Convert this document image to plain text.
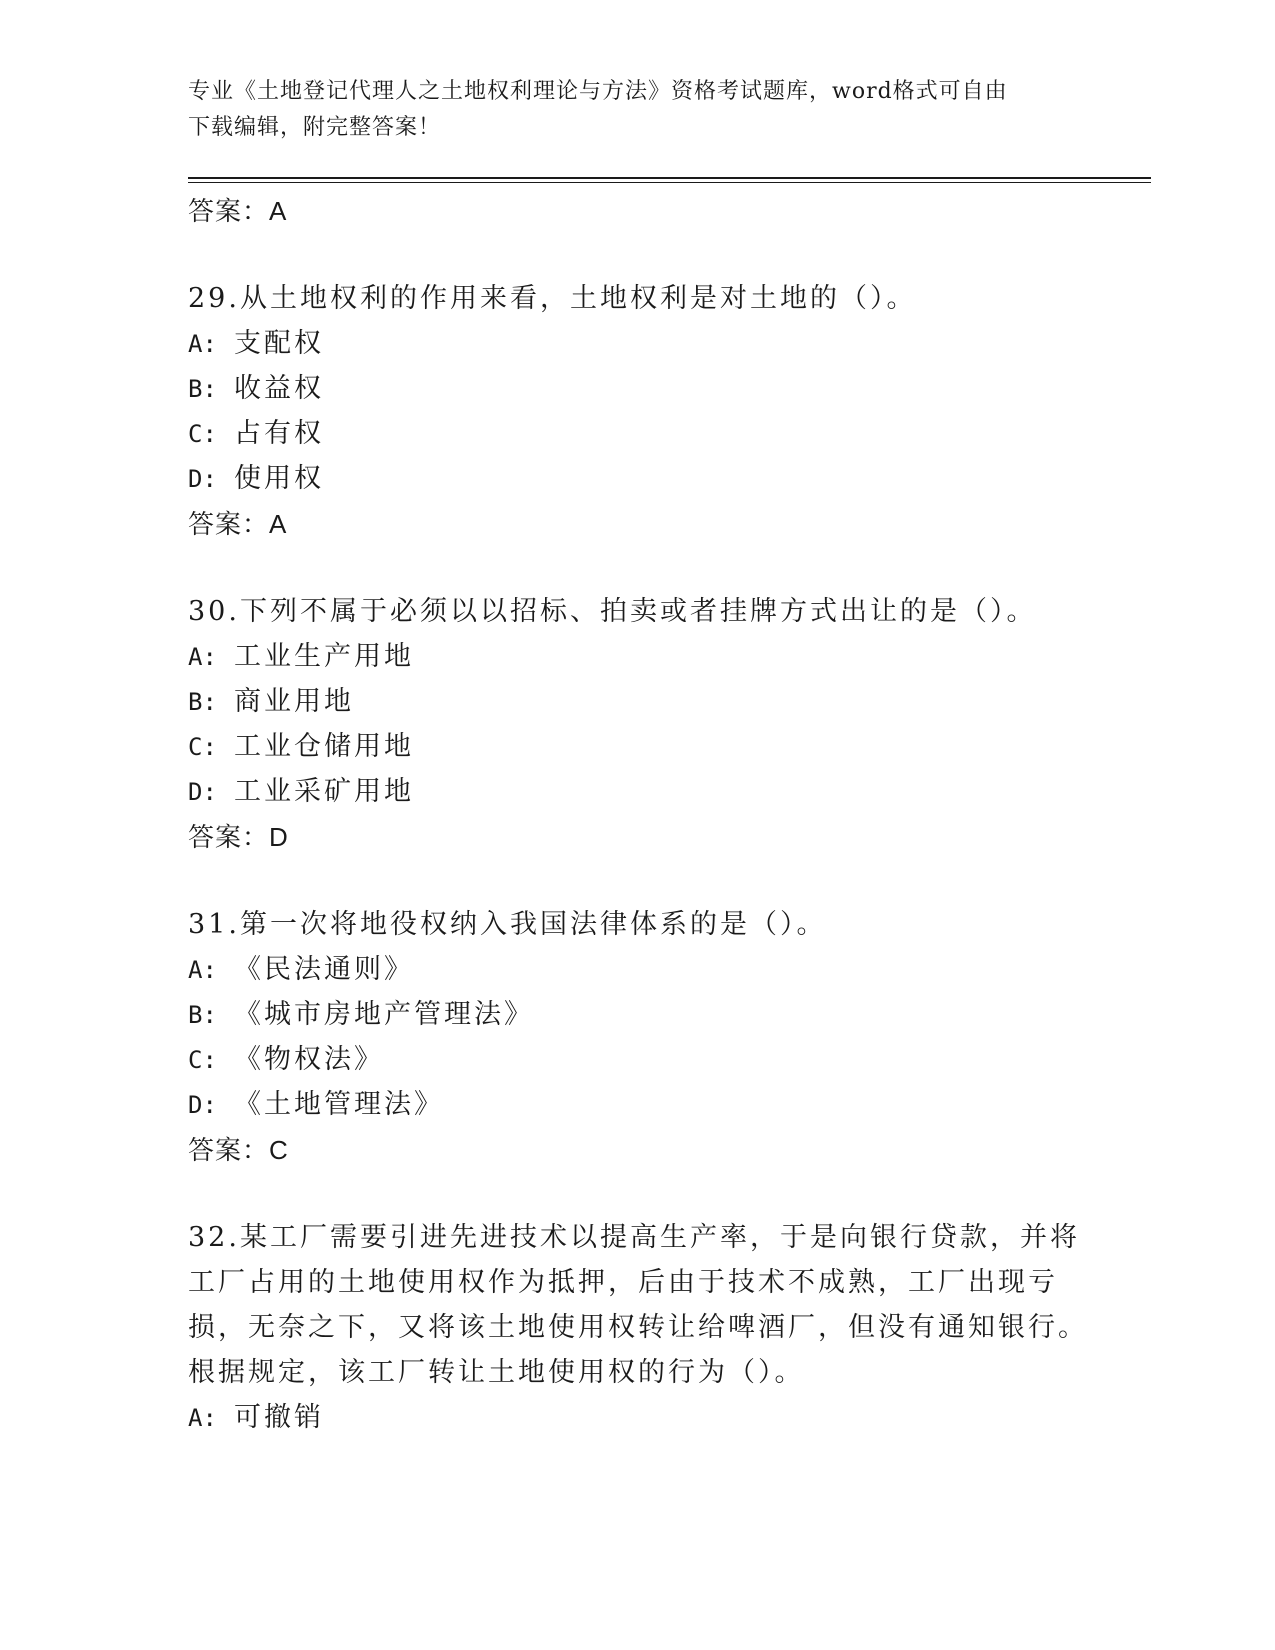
专业《土地登记代理人之土地权利理论与方法》资格考试题库，word格式可自由
下载编辑，附完整答案！
答案：A
29.从土地权利的作用来看，土地权利是对土地的（）。
A: 支配权
B: 收益权
C: 占有权
D: 使用权
答案：A
30.下列不属于必须以以招标、拍卖或者挂牌方式出让的是（）。
A: 工业生产用地
B: 商业用地
C: 工业仓储用地
D: 工业采矿用地
答案：D
31.第一次将地役权纳入我国法律体系的是（）。
A: 《民法通则》
B: 《城市房地产管理法》
C: 《物权法》
D: 《土地管理法》
答案：C
32.某工厂需要引进先进技术以提高生产率，于是向银行贷款，并将工厂占用的土地使用权作为抵押，后由于技术不成熟，工厂出现亏损，无奈之下，又将该土地使用权转让给啤酒厂，但没有通知银行。根据规定，该工厂转让土地使用权的行为（）。
A: 可撤销
